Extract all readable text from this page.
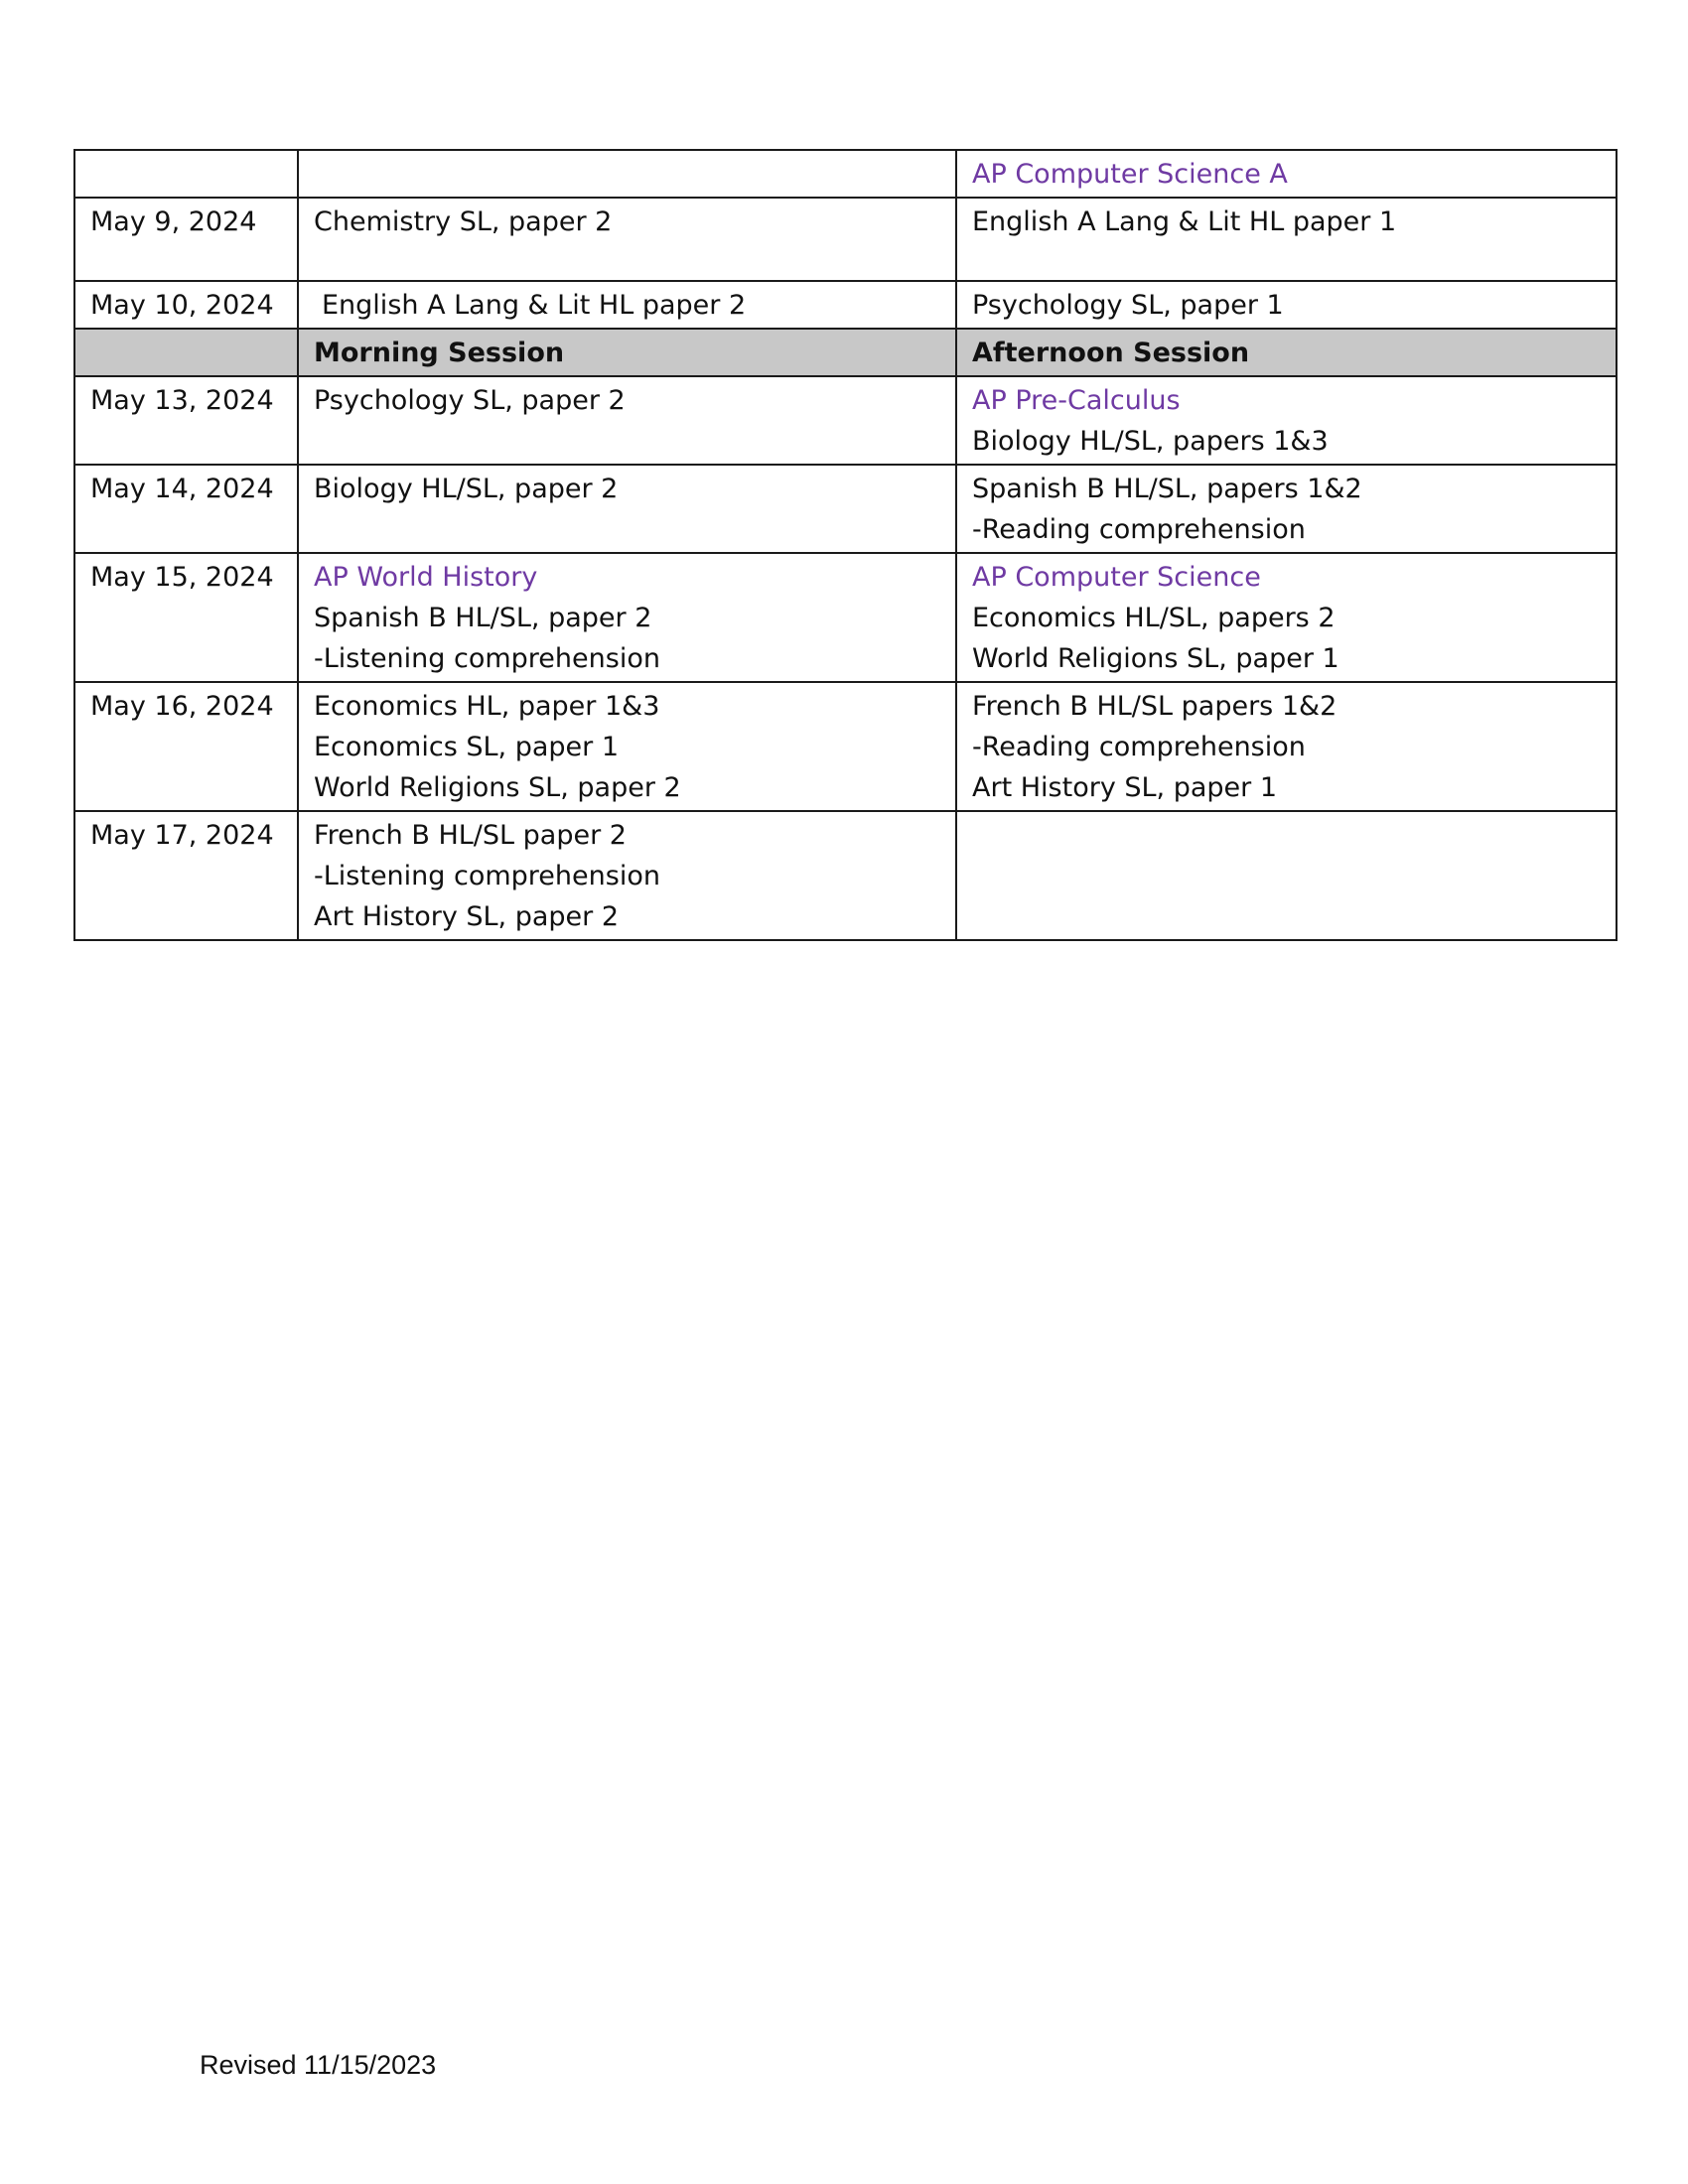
		AP Computer Science A

May 9, 2024	Chemistry SL, paper 2	English A Lang & Lit HL paper 1

May 10, 2024	English A Lang & Lit HL paper 2	Psychology SL, paper 1

	Morning Session	Afternoon Session

May 13, 2024	Psychology SL, paper 2	AP Pre-Calculus
Biology HL/SL, papers 1&3

May 14, 2024	Biology HL/SL, paper 2	Spanish B HL/SL, papers 1&2
-Reading comprehension

May 15, 2024	AP World History
Spanish B HL/SL, paper 2
-Listening comprehension	AP Computer Science
Economics HL/SL, papers 2
World Religions SL, paper 1

May 16, 2024	Economics HL, paper 1&3
Economics SL, paper 1
World Religions SL, paper 2	French B HL/SL papers 1&2
-Reading comprehension
Art History SL, paper 1

May 17, 2024	French B HL/SL paper 2
-Listening comprehension
Art History SL, paper 2	

Revised 11/15/2023
